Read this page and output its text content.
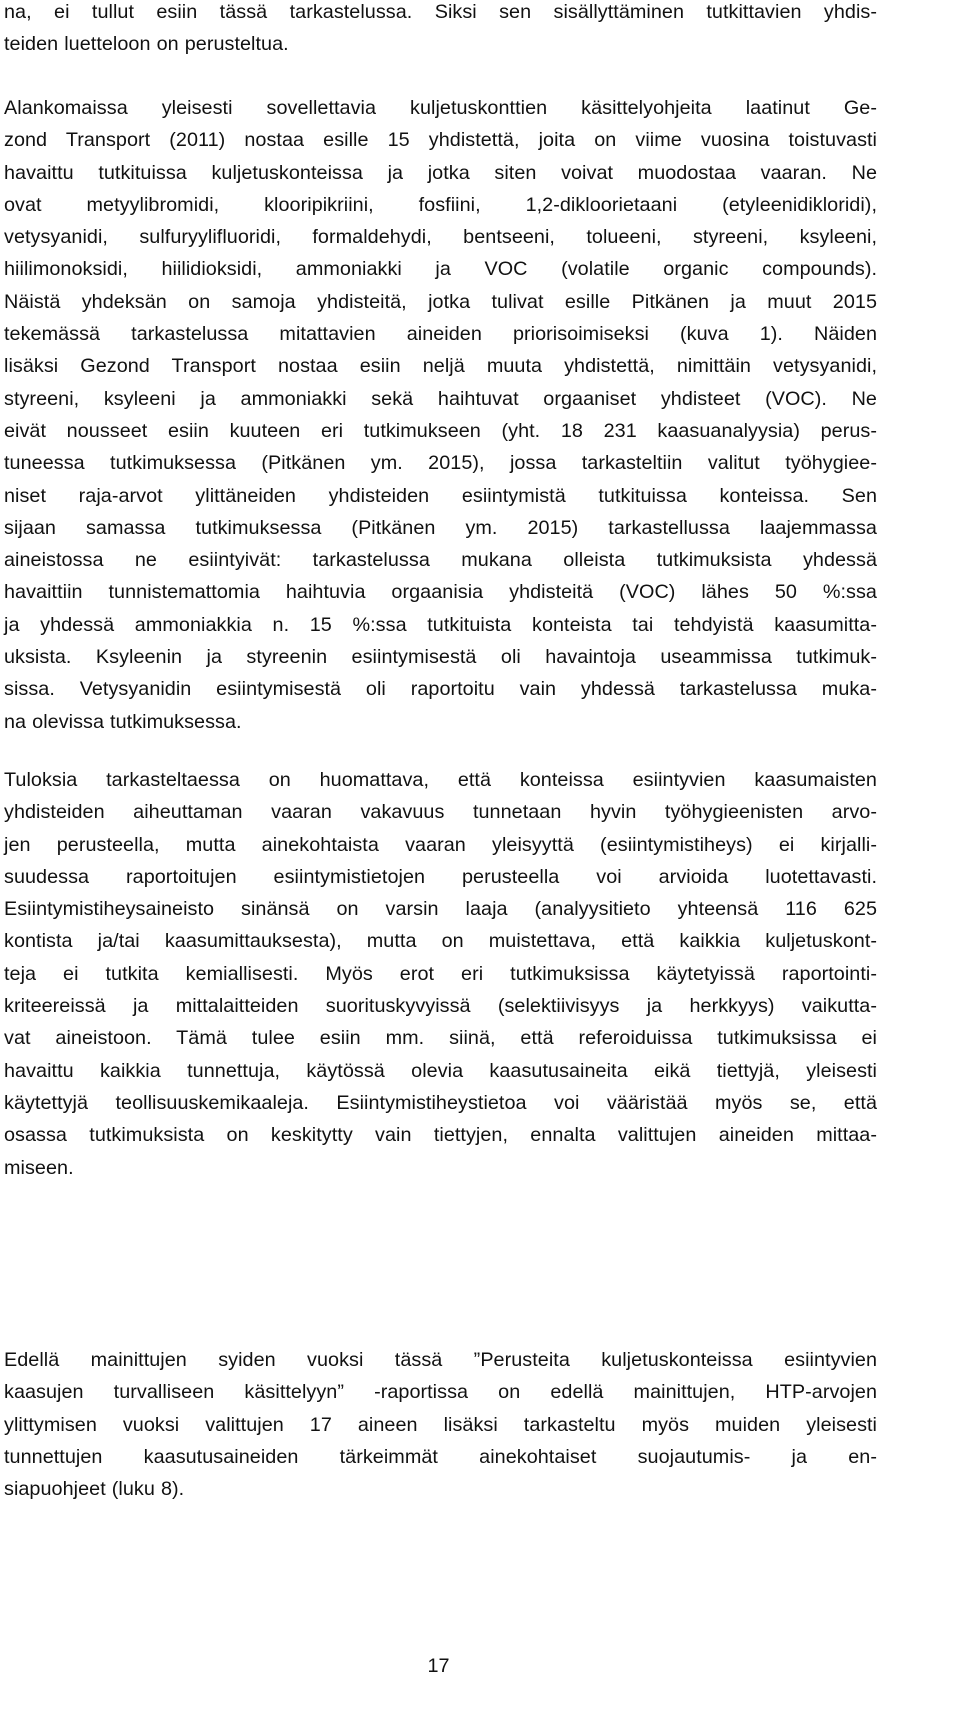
na, ei tullut esiin tässä tarkastelussa. Siksi sen sisällyttäminen tutkittavien yhdis-
teiden luetteloon on perusteltua.
Alankomaissa yleisesti sovellettavia kuljetuskonttien käsittelyohjeita laatinut Ge-
zond Transport (2011) nostaa esille 15 yhdistettä, joita on viime vuosina toistuvasti
havaittu tutkituissa kuljetuskonteissa ja jotka siten voivat muodostaa vaaran. Ne
ovat metyylibromidi, klooripikriini, fosfiini, 1,2-dikloorietaani (etyleenidikloridi),
vetysyanidi, sulfuryylifluoridi, formaldehydi, bentseeni, tolueeni, styreeni, ksyleeni,
hiilimonoksidi, hiilidioksidi, ammoniakki ja VOC (volatile organic compounds).
Näistä yhdeksän on samoja yhdisteitä, jotka tulivat esille Pitkänen ja muut 2015
tekemässä tarkastelussa mitattavien aineiden priorisoimiseksi (kuva 1). Näiden
lisäksi Gezond Transport nostaa esiin neljä muuta yhdistettä, nimittäin vetysyanidi,
styreeni, ksyleeni ja ammoniakki sekä haihtuvat orgaaniset yhdisteet (VOC). Ne
eivät nousseet esiin kuuteen eri tutkimukseen (yht. 18 231 kaasuanalyysia) perus-
tuneessa tutkimuksessa (Pitkänen ym. 2015), jossa tarkasteltiin valitut työhygiee-
niset raja-arvot ylittäneiden yhdisteiden esiintymistä tutkituissa konteissa. Sen
sijaan samassa tutkimuksessa (Pitkänen ym. 2015) tarkastellussa laajemmassa
aineistossa ne esiintyivät: tarkastelussa mukana olleista tutkimuksista yhdessä
havaittiin tunnistemattomia haihtuvia orgaanisia yhdisteitä (VOC) lähes 50 %:ssa
ja yhdessä ammoniakkia n. 15 %:ssa tutkituista konteista tai tehdyistä kaasumitta-
uksista. Ksyleenin ja styreenin esiintymisestä oli havaintoja useammissa tutkimuk-
sissa. Vetysyanidin esiintymisestä oli raportoitu vain yhdessä tarkastelussa muka-
na olevissa tutkimuksessa.
Tuloksia tarkasteltaessa on huomattava, että konteissa esiintyvien kaasumaisten
yhdisteiden aiheuttaman vaaran vakavuus tunnetaan hyvin työhygieenisten arvo-
jen perusteella, mutta ainekohtaista vaaran yleisyyttä (esiintymistiheys) ei kirjalli-
suudessa raportoitujen esiintymistietojen perusteella voi arvioida luotettavasti.
Esiintymistiheysaineisto sinänsä on varsin laaja (analyysitieto yhteensä 116 625
kontista ja/tai kaasumittauksesta), mutta on muistettava, että kaikkia kuljetuskont-
teja ei tutkita kemiallisesti. Myös erot eri tutkimuksissa käytetyissä raportointi-
kriteereissä ja mittalaitteiden suorituskyvyissä (selektiivisyys ja herkkyys) vaikutta-
vat aineistoon. Tämä tulee esiin mm. siinä, että referoiduissa tutkimuksissa ei
havaittu kaikkia tunnettuja, käytössä olevia kaasutusaineita eikä tiettyjä, yleisesti
käytettyjä teollisuuskemikaaleja. Esiintymistiheystietoa voi vääristää myös se, että
osassa tutkimuksista on keskitytty vain tiettyjen, ennalta valittujen aineiden mittaa-
miseen.
Edellä mainittujen syiden vuoksi tässä ”Perusteita kuljetuskonteissa esiintyvien
kaasujen turvalliseen käsittelyyn” -raportissa on edellä mainittujen, HTP-arvojen
ylittymisen vuoksi valittujen 17 aineen lisäksi tarkasteltu myös muiden yleisesti
tunnettujen kaasutusaineiden tärkeimmät ainekohtaiset suojautumis- ja en-
siapuohjeet (luku 8).
17
